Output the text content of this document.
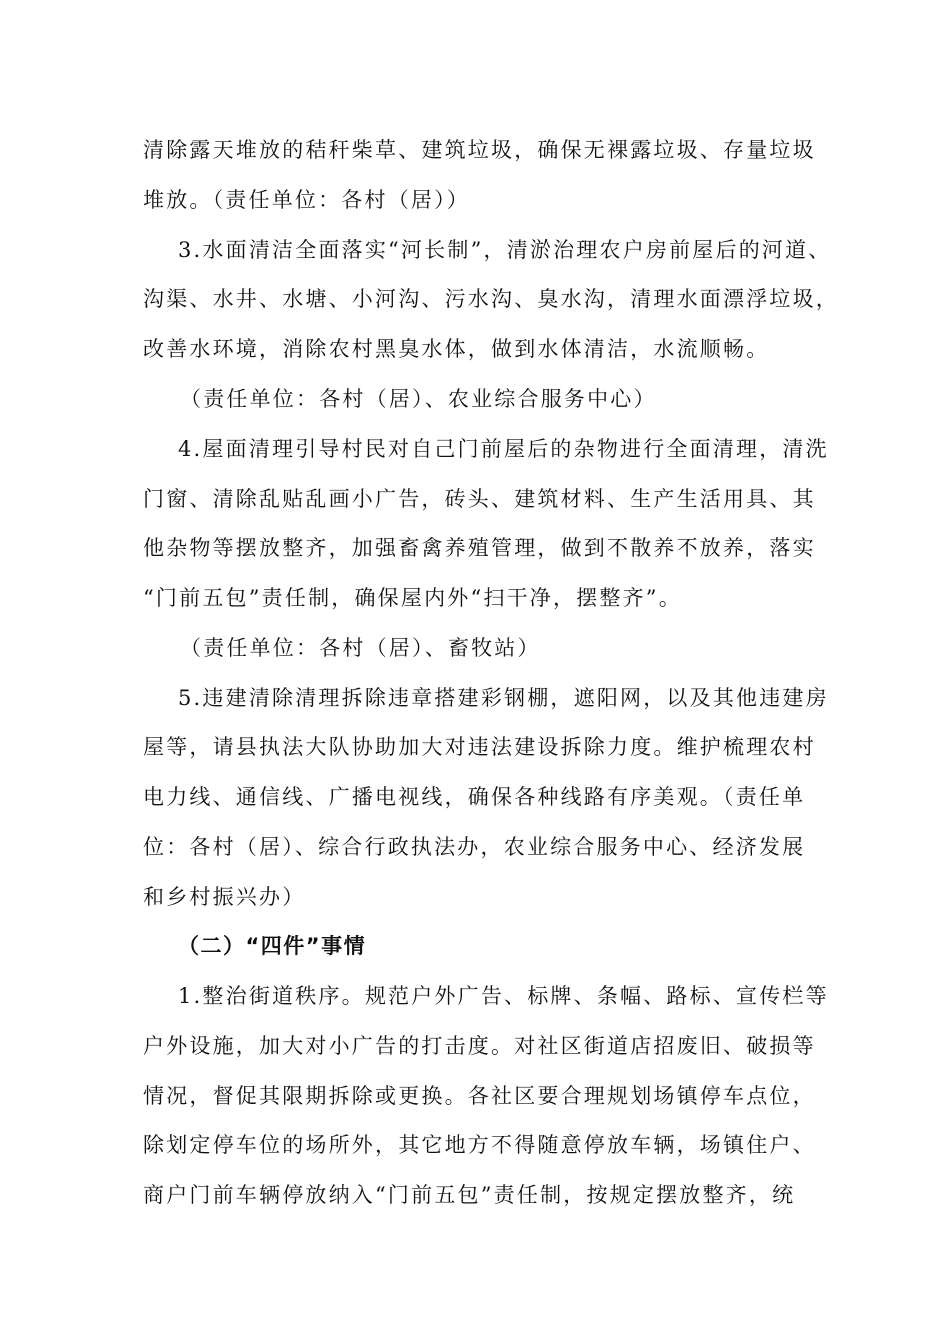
清除露天堆放的秸秆柴草、建筑垃圾，确保无裸露垃圾、存量垃圾
堆放。（责任单位：各村（居））
3.水面清洁全面落实“河长制”，清淤治理农户房前屋后的河道、
沟渠、水井、水塘、小河沟、污水沟、臭水沟，清理水面漂浮垃圾，
改善水环境，消除农村黑臭水体，做到水体清洁，水流顺畅。
（责任单位：各村（居）、农业综合服务中心）
4.屋面清理引导村民对自己门前屋后的杂物进行全面清理，清洗
门窗、清除乱贴乱画小广告，砖头、建筑材料、生产生活用具、其
他杂物等摆放整齐，加强畜禽养殖管理，做到不散养不放养，落实
“门前五包”责任制，确保屋内外“扫干净，摆整齐”。
（责任单位：各村（居）、畜牧站）
5.违建清除清理拆除违章搭建彩钢棚，遮阳网，以及其他违建房
屋等，请县执法大队协助加大对违法建设拆除力度。维护梳理农村
电力线、通信线、广播电视线，确保各种线路有序美观。（责任单
位：各村（居）、综合行政执法办，农业综合服务中心、经济发展
和乡村振兴办）
（二）“四件”事情
1.整治街道秩序。规范户外广告、标牌、条幅、路标、宣传栏等
户外设施，加大对小广告的打击度。对社区街道店招废旧、破损等
情况，督促其限期拆除或更换。各社区要合理规划场镇停车点位，
除划定停车位的场所外，其它地方不得随意停放车辆，场镇住户、
商户门前车辆停放纳入“门前五包”责任制，按规定摆放整齐，统
